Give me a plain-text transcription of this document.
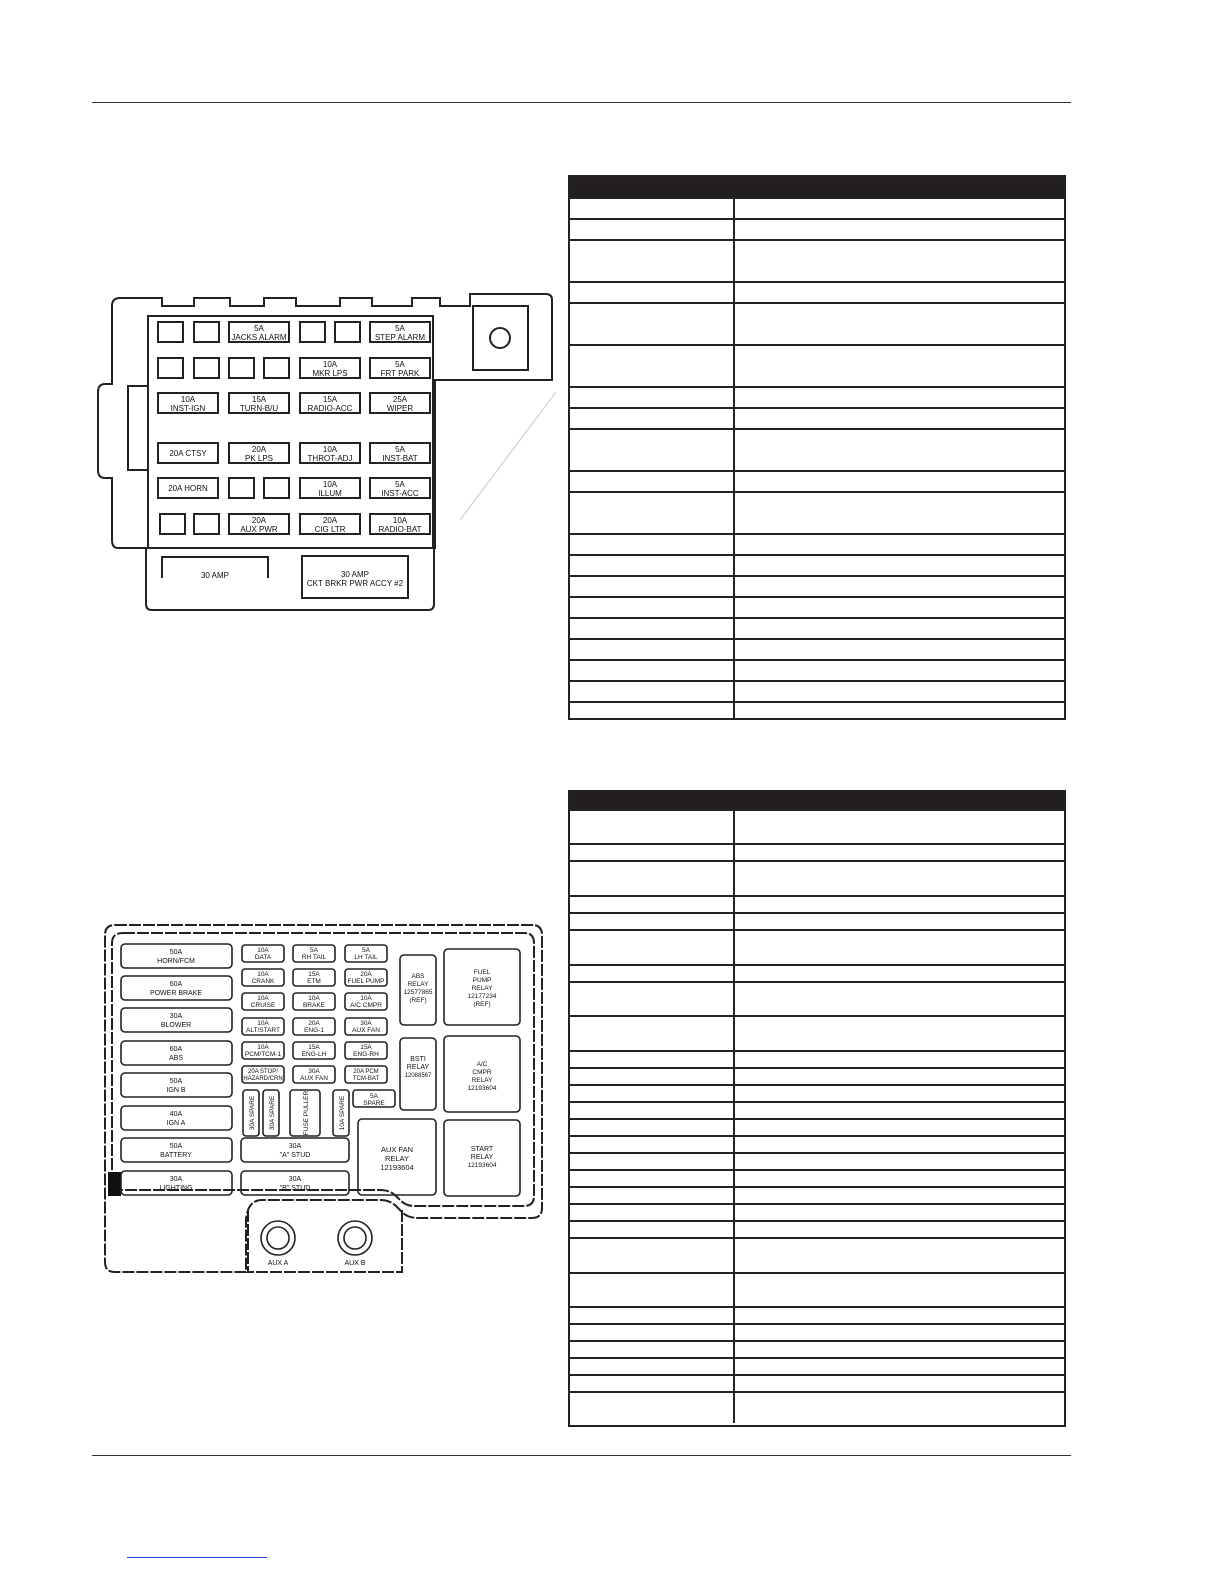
5A
JACKS ALARM
5A
STEP ALARM
10A
MKR LPS
5A
FRT PARK
10A
INST-IGN
15A
TURN-B/U
15A
RADIO-ACC
25A
WIPER
20A CTSY	20A
PK LPS
10A
THROT-ADJ
5A
INST-BAT
20A HORN	10A
ILLUM
5A
INST-ACC
20A
AUX PWR
20A
CIG LTR
10A
RADIO-BAT
30 AMP	30 AMP
CKT BRKR PWR ACCY #2
50A
HORN/FCM
60A
POWER BRAKE
30A
BLOWER
60A
ABS
50A
IGN B
40A
IGN A
50A
BATTERY
30A
LIGHTING
10A
DATA
5A
RH TAIL
5A
LH TAIL
10A
CRANK
15A
ETM
20A
FUEL PUMP
10A
CRUISE
10A
BRAKE
10A
A/C CMPR
10A
ALT/START
20A
ENG-1
30A
AUX FAN
10A
PCM/TCM-1
15A
ENG-LH
15A
ENG-RH
20A STOP/
HAZARD/CRN
30A
AUX FAN
20A PCM
TCM-BAT
30A SPARE 30A SPARE	FUSE PULLER	10A SPARE	5A
SPARE
30A
"A" STUD
30A
"B" STUD
ABS
RELAY
12577865
(REF)
FUEL
PUMP
RELAY
12177234
(REF)
BSTI
RELAY
12088567
A/C
CMPR
RELAY
12193604
AUX FAN
RELAY
12193604
START
RELAY
12193604
AUX A	AUX B
